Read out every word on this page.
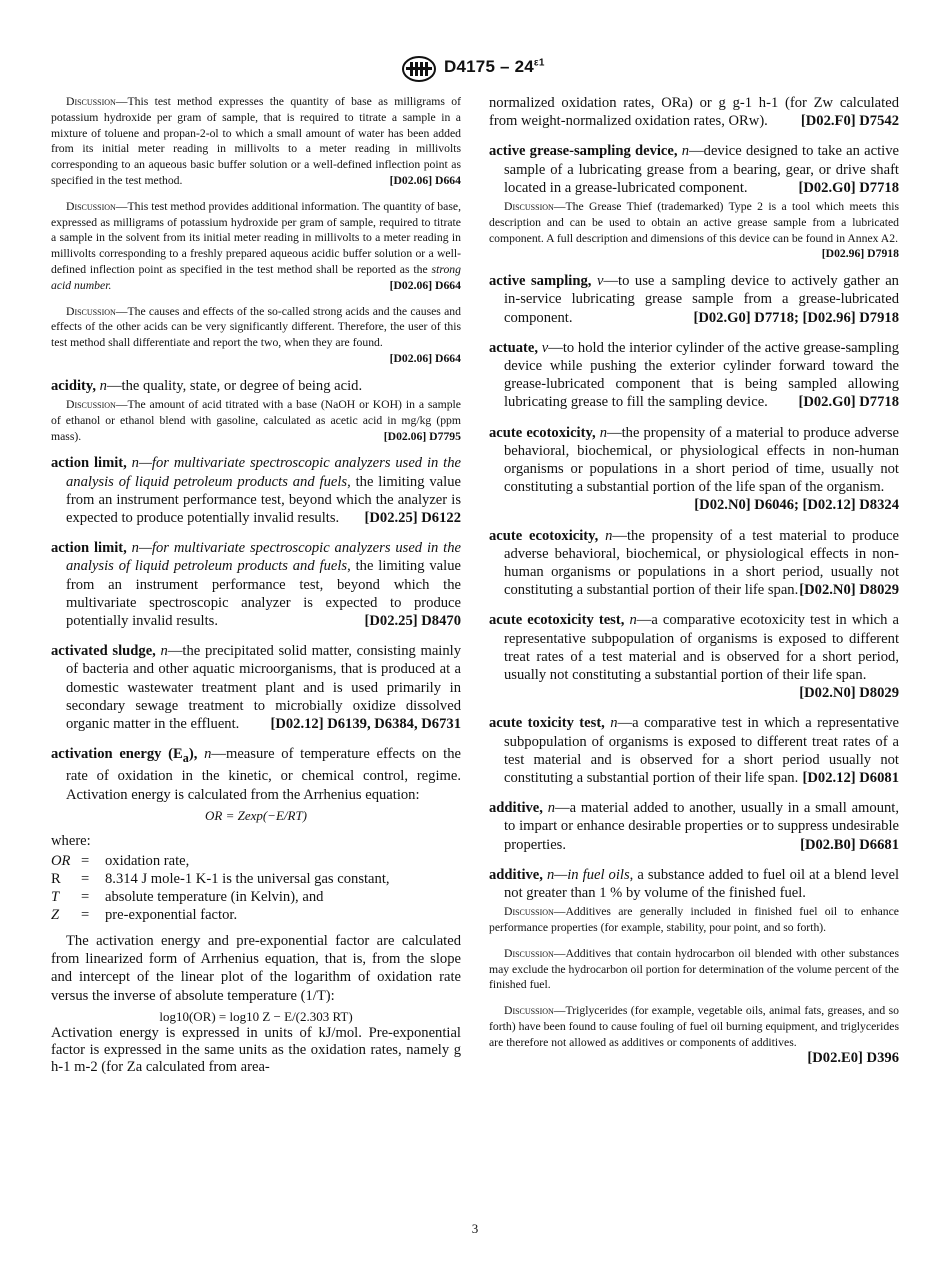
$D4175 - 24^{\varepsilon 1}$
Discussion—This test method expresses the quantity of base as milligrams of potassium hydroxide per gram of sample, that is required to titrate a sample in a mixture of toluene and propan-2-ol to which a small amount of water has been added from its initial meter reading in millivolts to a meter reading in millivolts corresponding to an aqueous basic buffer solution or a well-defined inflection point as specified in the test method.	[D02.06] D664
Discussion—This test method provides additional information. The quantity of base, expressed as milligrams of potassium hydroxide per gram of sample, required to titrate a sample in the solvent from its initial meter reading in millivolts to a meter reading in millivolts corresponding to a freshly prepared aqueous acidic buffer solution or a well-defined inflection point as specified in the test method shall be reported as the strong acid number.	[D02.06] D664
Discussion—The causes and effects of the so-called strong acids and the causes and effects of the other acids can be very significantly different. Therefore, the user of this test method shall differentiate and report the two, when they are found.
[D02.06] D664
acidity, n—the quality, state, or degree of being acid.
Discussion—The amount of acid titrated with a base (NaOH or KOH) in a sample of ethanol or ethanol blend with gasoline, calculated as acetic acid in mg/kg (ppm mass).	[D02.06] D7795
action limit, n—for multivariate spectroscopic analyzers used in the analysis of liquid petroleum products and fuels, the limiting value from an instrument performance test, beyond which the analyzer is expected to produce potentially invalid results. [D02.25] D6122
action limit, n—for multivariate spectroscopic analyzers used in the analysis of liquid petroleum products and fuels, the limiting value from an instrument performance test, beyond which the multivariate spectroscopic analyzer is expected to produce potentially invalid results.	[D02.25] D8470
activated sludge, n—the precipitated solid matter, consisting mainly of bacteria and other aquatic microorganisms, that is produced at a domestic wastewater treatment plant and is used primarily in secondary sewage treatment to microbially oxidize dissolved organic matter in the effluent. [D02.12] D6139, D6384, D6731
activation energy $(E_a)$, n—measure of temperature effects on the rate of oxidation in the kinetic, or chemical control, regime. Activation energy is calculated from the Arrhenius equation:
OR = Zexp(−E/RT)
where:
OR =	oxidation rate,
R	=	8.314 J mole-1 K-1 is the universal gas constant,
T	=	absolute temperature (in Kelvin), and
Z	=	pre-exponential factor.
The activation energy and pre-exponential factor are calculated from linearized form of Arrhenius equation, that is, from the slope and intercept of the linear plot of the logarithm of oxidation rate versus the inverse of absolute temperature (1/T):
log10(OR) = log10 Z − E/(2.303 RT)
Activation energy is expressed in units of kJ/mol. Pre-exponential factor is expressed in the same units as the oxidation rates, namely g h-1 m-2 (for Za calculated from area-
normalized oxidation rates, ORa) or g g-1 h-1 (for Zw calculated from weight-normalized oxidation rates, ORw). [D02.F0] D7542
active grease-sampling device, n—device designed to take an active sample of a lubricating grease from a bearing, gear, or drive shaft located in a grease-lubricated component.	[D02.G0] D7718
Discussion—The Grease Thief (trademarked) Type 2 is a tool which meets this description and can be used to obtain an active grease sample from a lubricated component. A full description and dimensions of this device can be found in Annex A2.
[D02.96] D7918
active sampling, v—to use a sampling device to actively gather an in-service lubricating grease sample from a grease-lubricated component.	[D02.G0] D7718; [D02.96] D7918
actuate, v—to hold the interior cylinder of the active grease-sampling device while pushing the exterior cylinder forward toward the grease-lubricated component that is being sampled allowing lubricating grease to fill the sampling device. [D02.G0] D7718
acute ecotoxicity, n—the propensity of a material to produce adverse behavioral, biochemical, or physiological effects in non-human organisms or populations in a short period of time, usually not constituting a substantial portion of the life span of the organism.
[D02.N0] D6046; [D02.12] D8324
acute ecotoxicity, n—the propensity of a test material to produce adverse behavioral, biochemical, or physiological effects in non-human organisms or populations in a short period, usually not constituting a substantial portion of their life span. [D02.N0] D8029
acute ecotoxicity test, n—a comparative ecotoxicity test in which a representative subpopulation of organisms is exposed to different treat rates of a test material and is observed for a short period, usually not constituting a substantial portion of their life span.
[D02.N0] D8029
acute toxicity test, n—a comparative test in which a representative subpopulation of organisms is exposed to different treat rates of a test material and is observed for a short period usually not constituting a substantial portion of their life span. [D02.12] D6081
additive, n—a material added to another, usually in a small amount, to impart or enhance desirable properties or to suppress undesirable properties.	[D02.B0] D6681
additive, n—in fuel oils, a substance added to fuel oil at a blend level not greater than 1 % by volume of the finished fuel.
Discussion—Additives are generally included in finished fuel oil to enhance performance properties (for example, stability, pour point, and so forth).
Discussion—Additives that contain hydrocarbon oil blended with other substances may exclude the hydrocarbon oil portion for determination of the volume percent of the finished fuel.
Discussion—Triglycerides (for example, vegetable oils, animal fats, greases, and so forth) have been found to cause fouling of fuel oil burning equipment, and triglycerides are therefore not allowed as additives or components of additives.
[D02.E0] D396
3
